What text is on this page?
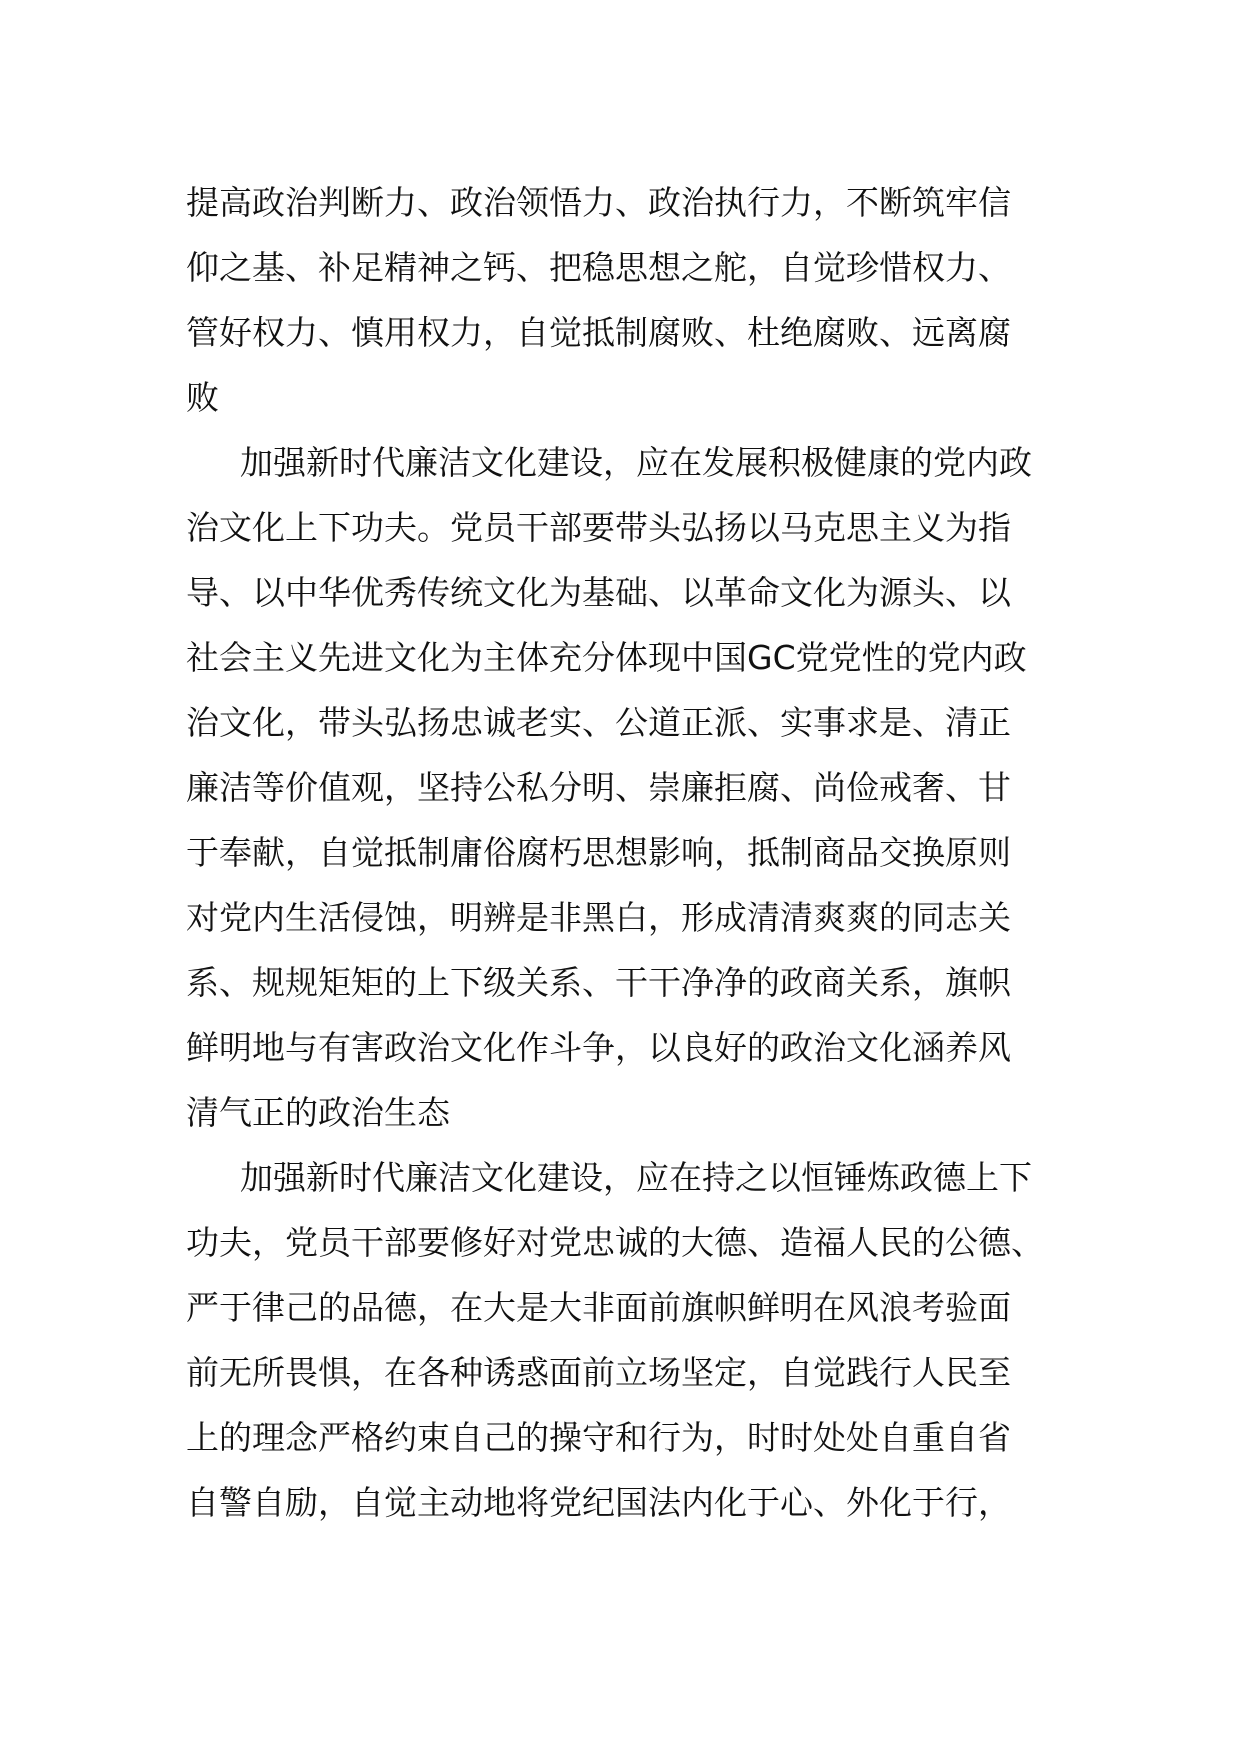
提高政治判断力、政治领悟力、政治执行力，不断筑牢信
仰之基、补足精神之钙、把稳思想之舵，自觉珍惜权力、
管好权力、慎用权力，自觉抵制腐败、杜绝腐败、远离腐
败
加强新时代廉洁文化建设，应在发展积极健康的党内政
治文化上下功夫。党员干部要带头弘扬以马克思主义为指
导、以中华优秀传统文化为基础、以革命文化为源头、以
社会主义先进文化为主体充分体现中国GC党党性的党内政
治文化，带头弘扬忠诚老实、公道正派、实事求是、清正
廉洁等价值观，坚持公私分明、崇廉拒腐、尚俭戒奢、甘
于奉献，自觉抵制庸俗腐朽思想影响，抵制商品交换原则
对党内生活侵蚀，明辨是非黑白，形成清清爽爽的同志关
系、规规矩矩的上下级关系、干干净净的政商关系，旗帜
鲜明地与有害政治文化作斗争，以良好的政治文化涵养风
清气正的政治生态
加强新时代廉洁文化建设，应在持之以恒锤炼政德上下
功夫，党员干部要修好对党忠诚的大德、造福人民的公德、
严于律己的品德，在大是大非面前旗帜鲜明在风浪考验面
前无所畏惧，在各种诱惑面前立场坚定，自觉践行人民至
上的理念严格约束自己的操守和行为，时时处处自重自省
自警自励，自觉主动地将党纪国法内化于心、外化于行，
